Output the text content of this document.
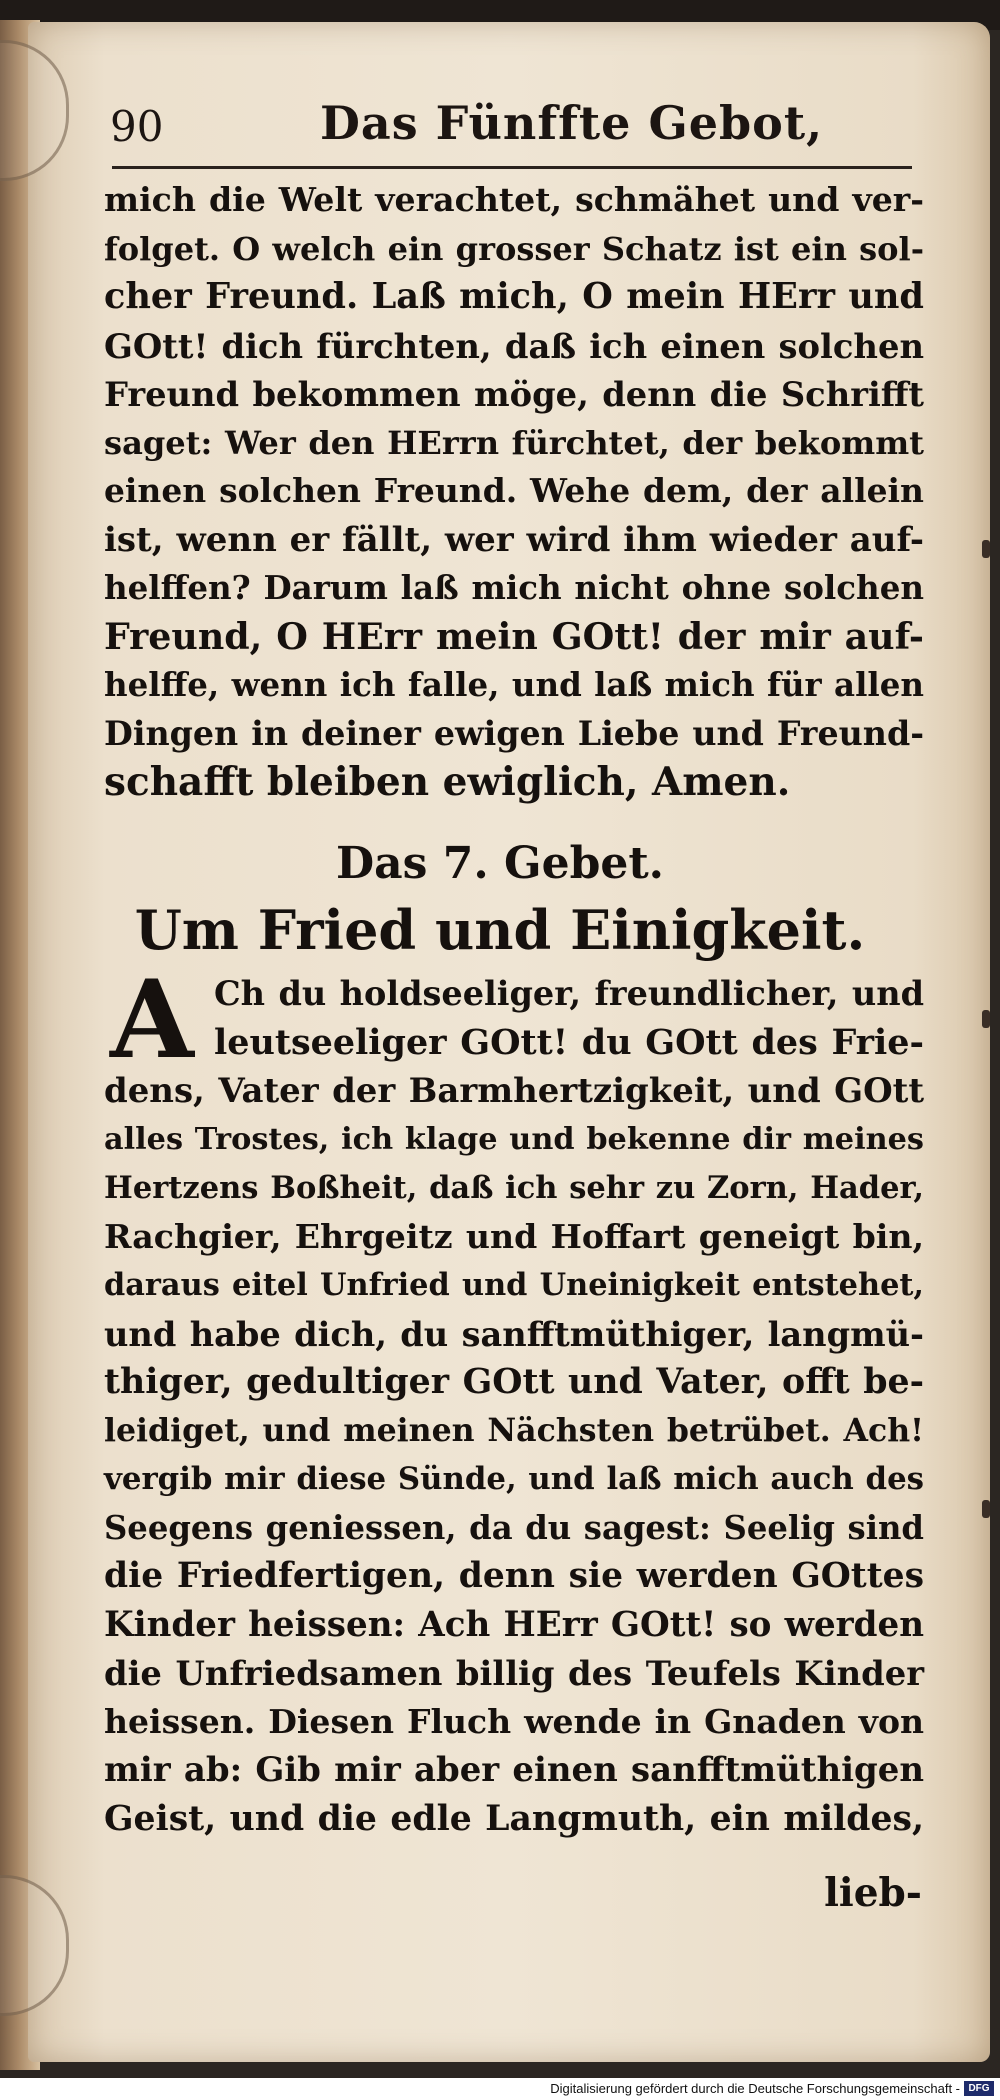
90	Das Fünffte Gebot,
mich die Welt verachtet, schmähet und ver-
folget. O welch ein grosser Schatz ist ein sol-
cher Freund. Laß mich, O mein HErr und
GOtt! dich fürchten, daß ich einen solchen
Freund bekommen möge, denn die Schrifft
saget: Wer den HErrn fürchtet, der bekommt
einen solchen Freund. Wehe dem, der allein
ist, wenn er fällt, wer wird ihm wieder auf-
helffen? Darum laß mich nicht ohne solchen
Freund, O HErr mein GOtt! der mir auf-
helffe, wenn ich falle, und laß mich für allen
Dingen in deiner ewigen Liebe und Freund-
schafft bleiben ewiglich, Amen.
Das 7. Gebet.
Um Fried und Einigkeit.
A Ch du holdseeliger, freundlicher, und
leutseeliger GOtt! du GOtt des Frie-
dens, Vater der Barmhertzigkeit, und GOtt
alles Trostes, ich klage und bekenne dir meines
Hertzens Boßheit, daß ich sehr zu Zorn, Hader,
Rachgier, Ehrgeitz und Hoffart geneigt bin,
daraus eitel Unfried und Uneinigkeit entstehet,
und habe dich, du sanfftmüthiger, langmü-
thiger, gedultiger GOtt und Vater, offt be-
leidiget, und meinen Nächsten betrübet. Ach!
vergib mir diese Sünde, und laß mich auch des
Seegens geniessen, da du sagest: Seelig sind
die Friedfertigen, denn sie werden GOttes
Kinder heissen: Ach HErr GOtt! so werden
die Unfriedsamen billig des Teufels Kinder
heissen. Diesen Fluch wende in Gnaden von
mir ab: Gib mir aber einen sanfftmüthigen
Geist, und die edle Langmuth, ein mildes,
lieb-
Digitalisierung gefördert durch die Deutsche Forschungsgemeinschaft - DFG
